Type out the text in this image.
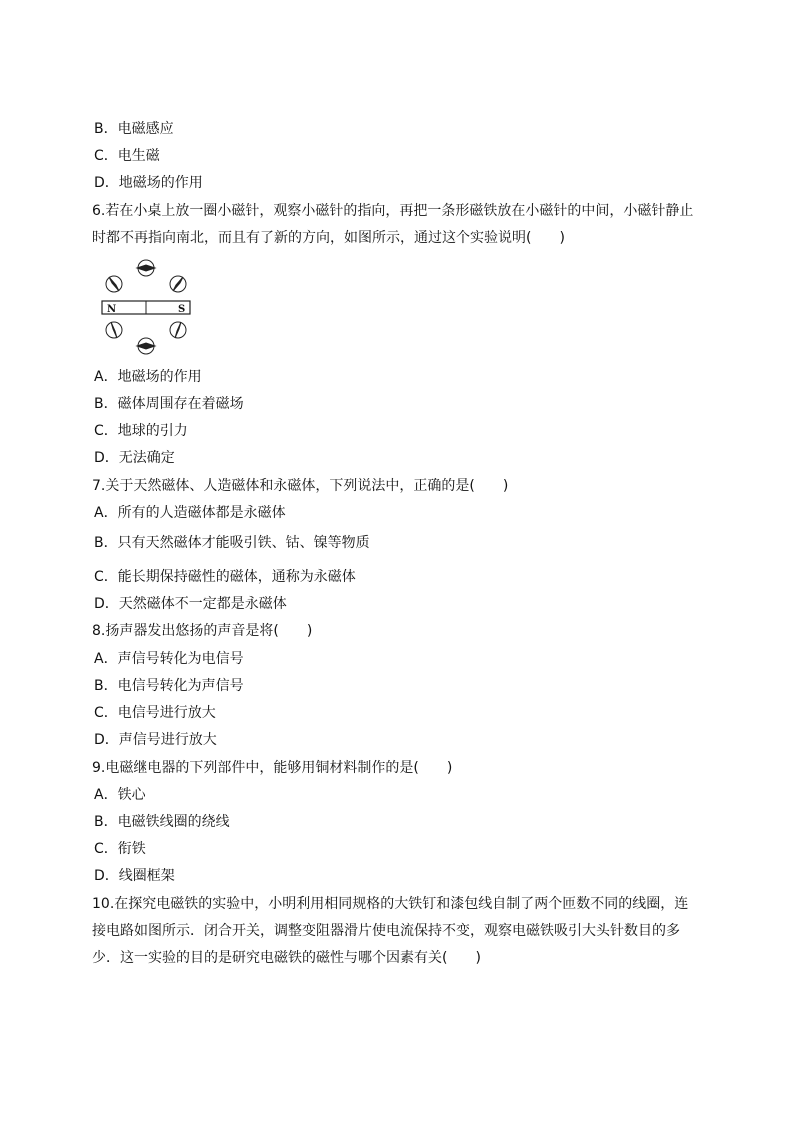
B．电磁感应
C．电生磁
D．地磁场的作用
6.若在小桌上放一圈小磁针，观察小磁针的指向，再把一条形磁铁放在小磁针的中间，小磁针静止
时都不再指向南北，而且有了新的方向，如图所示，通过这个实验说明(　　)
N	S
A．地磁场的作用
B．磁体周围存在着磁场
C．地球的引力
D．无法确定
7.关于天然磁体、人造磁体和永磁体，下列说法中，正确的是(　　)
A．所有的人造磁体都是永磁体
B．只有天然磁体才能吸引铁、钴、镍等物质
C．能长期保持磁性的磁体，通称为永磁体
D．天然磁体不一定都是永磁体
8.扬声器发出悠扬的声音是将(　　)
A．声信号转化为电信号
B．电信号转化为声信号
C．电信号进行放大
D．声信号进行放大
9.电磁继电器的下列部件中，能够用铜材料制作的是(　　)
A．铁心
B．电磁铁线圈的绕线
C．衔铁
D．线圈框架
10.在探究电磁铁的实验中，小明利用相同规格的大铁钉和漆包线自制了两个匝数不同的线圈，连
接电路如图所示．闭合开关，调整变阻器滑片使电流保持不变，观察电磁铁吸引大头针数目的多
少．这一实验的目的是研究电磁铁的磁性与哪个因素有关(　　)
